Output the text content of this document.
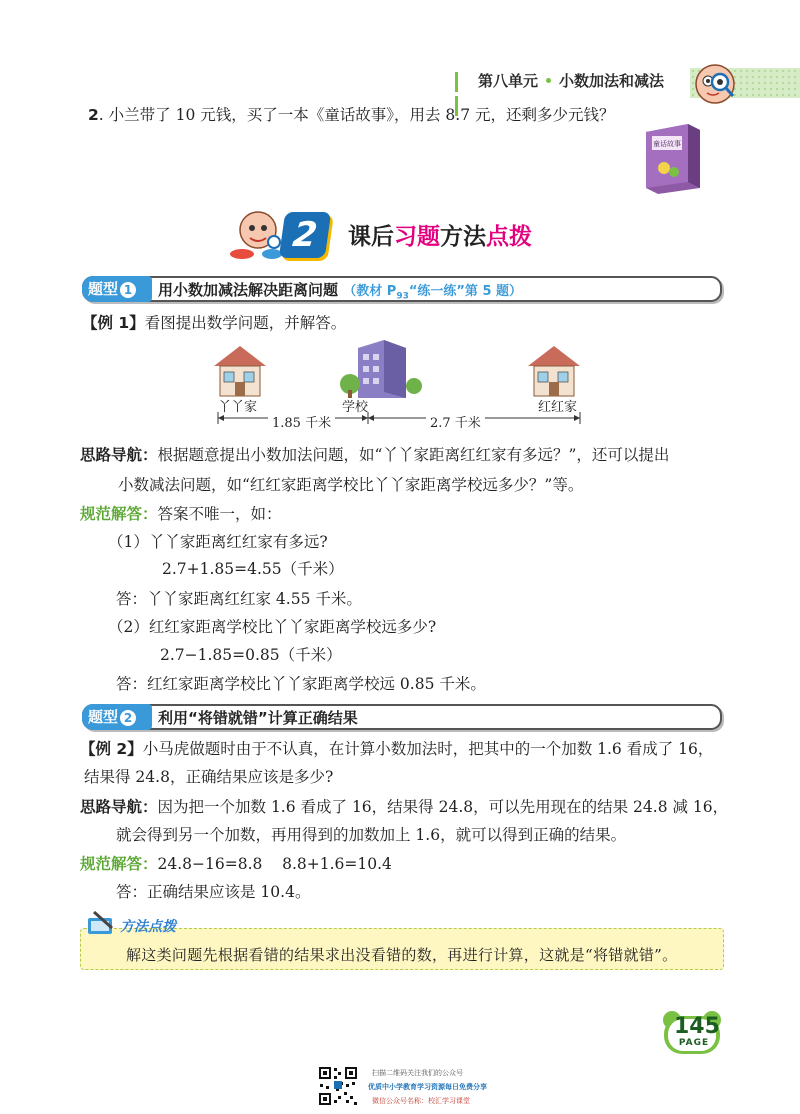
第八单元 小数加法和减法
2. 小兰带了 10 元钱，买了一本《童话故事》，用去 8.7 元，还剩多少元钱？
童话故事
2	课后习题方法点拨
题型 1	用小数加减法解决距离问题 （教材 $P_{93}“$练一练”第 5 题）
【例 1】看图提出数学问题，并解答。
丫丫家	学校	红红家
1.85 千米	2.7 千米
思路导航：根据题意提出小数加法问题，如“丫丫家距离红红家有多远？”，还可以提出
小数减法问题，如“红红家距离学校比丫丫家距离学校远多少？”等。
规范解答：答案不唯一，如：
（1）丫丫家距离红红家有多远?
2.7+1.85=4.55（千米）
答：丫丫家距离红红家 4.55 千米。
（2）红红家距离学校比丫丫家距离学校远多少?
2.7−1.85=0.85（千米）
答：红红家距离学校比丫丫家距离学校远 0.85 千米。
题型 2	利用“将错就错”计算正确结果
【例 2】小马虎做题时由于不认真，在计算小数加法时，把其中的一个加数 1.6 看成了 16，
结果得 24.8，正确结果应该是多少?
思路导航：因为把一个加数 1.6 看成了 16，结果得 24.8，可以先用现在的结果 24.8 减 16，
就会得到另一个加数，再用得到的加数加上 1.6，就可以得到正确的结果。
规范解答：24.8−16=8.8    8.8+1.6=10.4
答：正确结果应该是 10.4。
方法点拨
解这类问题先根据看错的结果求出没看错的数，再进行计算，这就是“将错就错”。
145
PAGE
扫描二维码关注我们的公众号
优质中小学教育学习资源每日免费分享
微信公众号名称：校汇学习课堂
